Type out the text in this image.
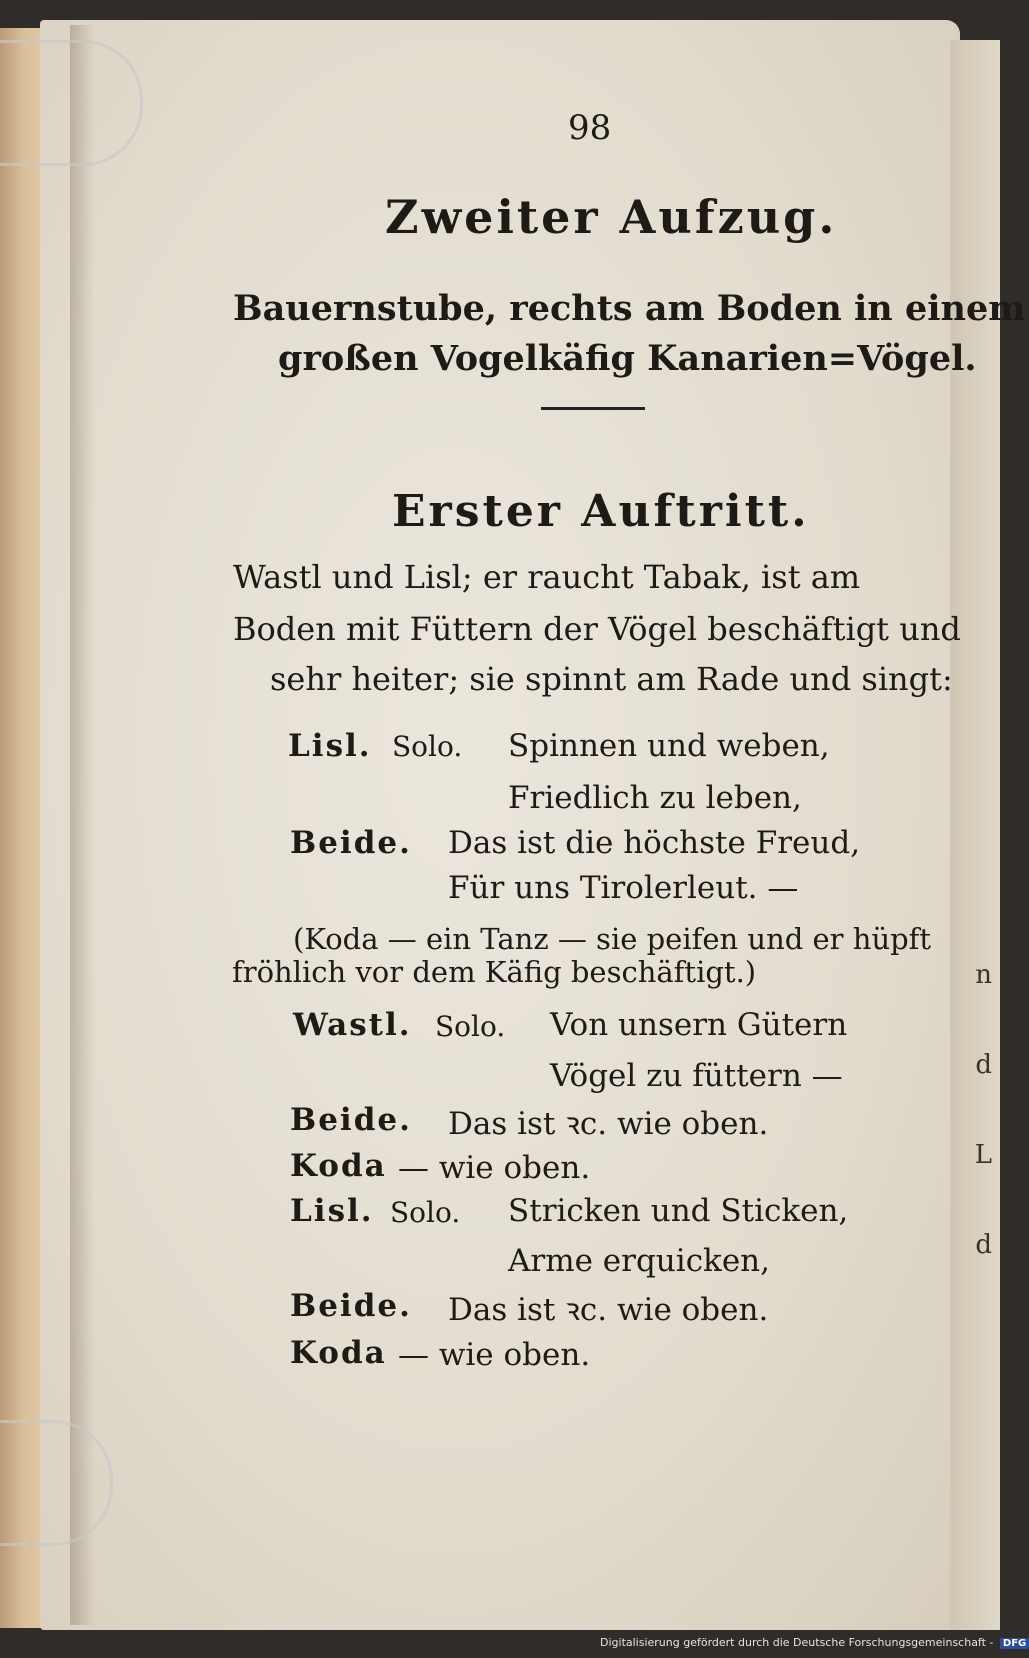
n
d
L
d
98
Zweiter Aufzug.
Bauernstube, rechts am Boden in einem
großen Vogelkäfig Kanarien=Vögel.
Erster Auftritt.
Wastl und Lisl; er raucht Tabak, ist am
Boden mit Füttern der Vögel beschäftigt und
sehr heiter; sie spinnt am Rade und singt:
Lisl. Solo. Spinnen und weben,
Friedlich zu leben,
Beide. Das ist die höchste Freud,
Für uns Tirolerleut. —
(Koda — ein Tanz — sie peifen und er hüpft
fröhlich vor dem Käfig beschäftigt.)
Wastl. Solo. Von unsern Gütern
Vögel zu füttern —
Beide. Das ist ꝛc. wie oben.
Koda — wie oben.
Lisl. Solo. Stricken und Sticken,
Arme erquicken,
Beide. Das ist ꝛc. wie oben.
Koda — wie oben.
Digitalisierung gefördert durch die Deutsche Forschungsgemeinschaft - DFG
